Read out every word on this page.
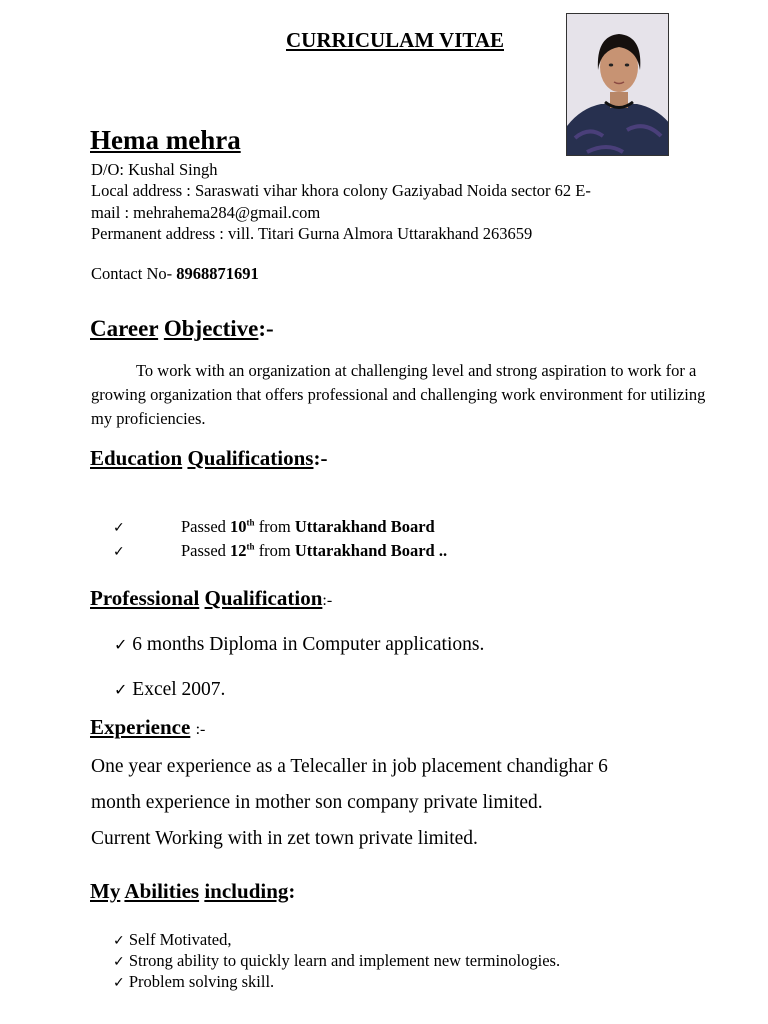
CURRICULAM VITAE
Hema mehra
D/O: Kushal Singh
Local address : Saraswati vihar khora colony Gaziyabad Noida sector 62 E-
mail : mehrahema284@gmail.com
Permanent address : vill. Titari Gurna Almora Uttarakhand 263659
Contact No- 8968871691
Career Objective:-
To work with an organization at challenging level and strong aspiration to work for a growing organization that offers professional and challenging work environment for utilizing my proficiencies.
Education Qualifications:-
✓	Passed 10th from Uttarakhand Board
✓	Passed 12th from Uttarakhand Board ..
Professional Qualification:-
✓ 6 months Diploma in Computer applications.
✓ Excel 2007.
Experience :-
One year experience as a Telecaller in job placement chandighar 6
month experience in mother son company private limited.
Current Working with in zet town private limited.
My Abilities including:
✓ Self Motivated,
✓ Strong ability to quickly learn and implement new terminologies.
✓ Problem solving skill.
